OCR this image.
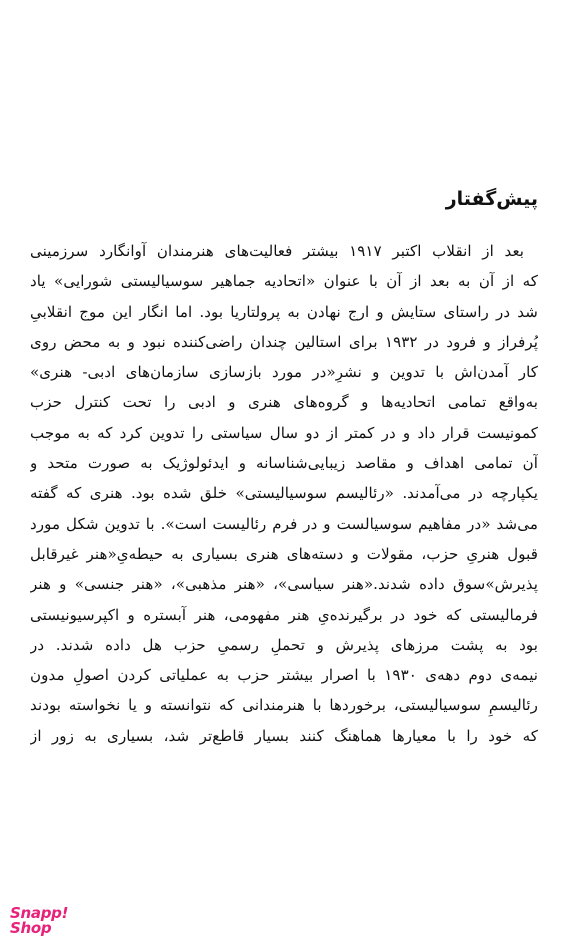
پیش‌گفتار
بعد از انقلاب اکتبر ۱۹۱۷ بیشتر فعالیت‌های هنرمندان آوانگارد سرزمینی
که از آن به بعد از آن با عنوان «اتحادیه جماهیر سوسیالیستی شورایی» یاد
شد در راستای ستایش و ارج نهادن به پرولتاریا بود. اما انگار این موج انقلابیِ
پُرفراز و فرود در ۱۹۳۲ برای استالین چندان راضی‌کننده نبود و به محض روی
کار آمدن‌اش با تدوین و نشرِ«در مورد بازسازی سازمان‌های ادبی- هنری»
به‌واقع تمامی اتحادیه‌ها و گروه‌های هنری و ادبی را تحت کنترل حزب
کمونیست قرار داد و در کمتر از دو سال سیاستی را تدوین کرد که به موجب
آن تمامی اهداف و مقاصد زیبایی‌شناسانه و ایدئولوژیک به صورت متحد و
یکپارچه در می‌آمدند. «رئالیسم سوسیالیستی» خلق شده بود. هنری که گفته
می‌شد «در مفاهیم سوسیالست و در فرم رئالیست است». با تدوین شکل مورد
قبول هنریِ حزب، مقولات و دسته‌های هنری بسیاری به حیطه‌یِ«هنر غیرقابل
پذیرش»سوق داده شدند.«هنر سیاسی»، «هنر مذهبی»، «هنر جنسی» و هنر
فرمالیستی که خود در برگیرنده‌یِ هنر مفهومی، هنر آبستره و اکپرسیونیستی
بود به پشت مرزهای پذیرش و تحملِ رسمیِ حزب هل داده شدند. در
نیمه‌ی دوم دهه‌ی ۱۹۳۰ با اصرار بیشتر حزب به عملیاتی کردن اصولِ مدون
رئالیسمِ سوسیالیستی، برخوردها با هنرمندانی که نتوانسته و یا نخواسته بودند
که خود را با معیارها هماهنگ کنند بسیار قاطع‌تر شد، بسیاری به زور از
Snapp!
Shop
